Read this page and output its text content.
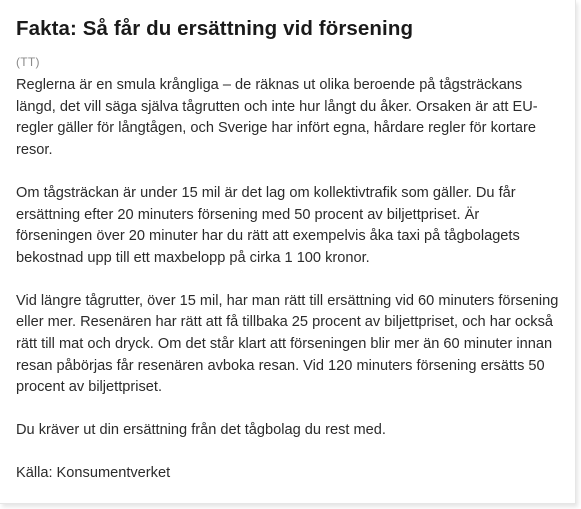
Fakta: Så får du ersättning vid försening
(TT)

Reglerna är en smula krångliga – de räknas ut olika beroende på tågsträckans längd, det vill säga själva tågrutten och inte hur långt du åker. Orsaken är att EU-regler gäller för långtågen, och Sverige har infört egna, hårdare regler för kortare resor.

Om tågsträckan är under 15 mil är det lag om kollektivtrafik som gäller. Du får ersättning efter 20 minuters försening med 50 procent av biljettpriset. Är förseningen över 20 minuter har du rätt att exempelvis åka taxi på tågbolagets bekostnad upp till ett maxbelopp på cirka 1 100 kronor.

Vid längre tågrutter, över 15 mil, har man rätt till ersättning vid 60 minuters försening eller mer. Resenären har rätt att få tillbaka 25 procent av biljettpriset, och har också rätt till mat och dryck. Om det står klart att förseningen blir mer än 60 minuter innan resan påbörjas får resenären avboka resan. Vid 120 minuters försening ersätts 50 procent av biljettpriset.

Du kräver ut din ersättning från det tågbolag du rest med.

Källa: Konsumentverket
